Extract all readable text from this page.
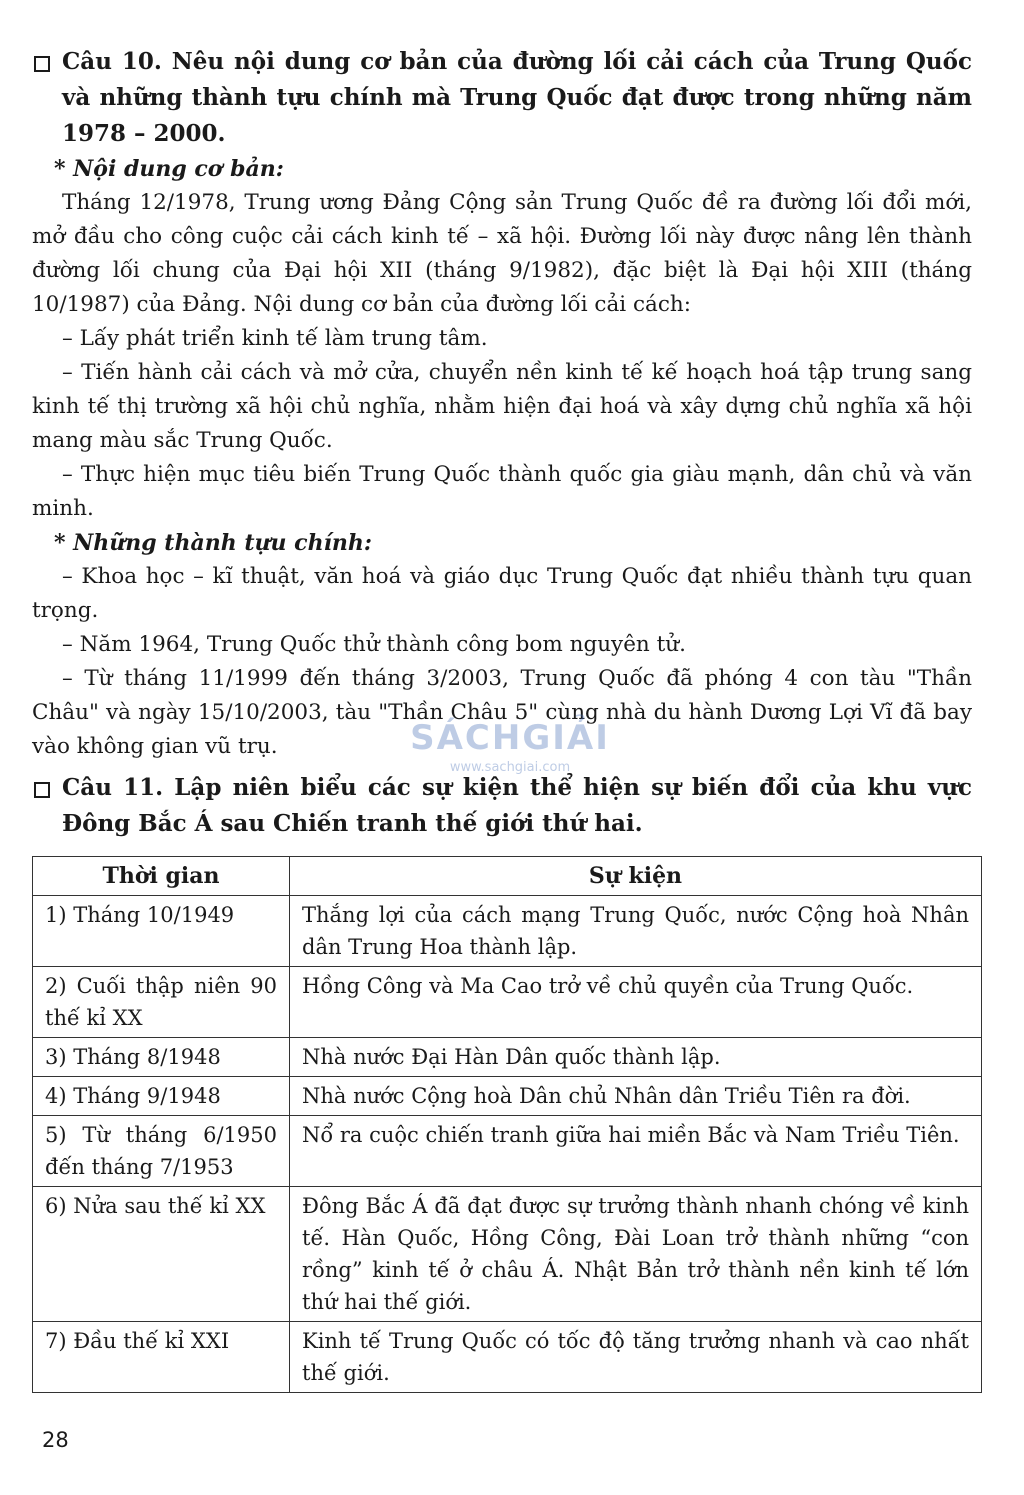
Câu 10. Nêu nội dung cơ bản của đường lối cải cách của Trung Quốc và những thành tựu chính mà Trung Quốc đạt được trong những năm 1978 – 2000.

* Nội dung cơ bản:

Tháng 12/1978, Trung ương Đảng Cộng sản Trung Quốc đề ra đường lối đổi mới, mở đầu cho công cuộc cải cách kinh tế – xã hội. Đường lối này được nâng lên thành đường lối chung của Đại hội XII (tháng 9/1982), đặc biệt là Đại hội XIII (tháng 10/1987) của Đảng. Nội dung cơ bản của đường lối cải cách:

– Lấy phát triển kinh tế làm trung tâm.

– Tiến hành cải cách và mở cửa, chuyển nền kinh tế kế hoạch hoá tập trung sang kinh tế thị trường xã hội chủ nghĩa, nhằm hiện đại hoá và xây dựng chủ nghĩa xã hội mang màu sắc Trung Quốc.

– Thực hiện mục tiêu biến Trung Quốc thành quốc gia giàu mạnh, dân chủ và văn minh.

* Những thành tựu chính:

– Khoa học – kĩ thuật, văn hoá và giáo dục Trung Quốc đạt nhiều thành tựu quan trọng.

– Năm 1964, Trung Quốc thử thành công bom nguyên tử.

– Từ tháng 11/1999 đến tháng 3/2003, Trung Quốc đã phóng 4 con tàu "Thần Châu" và ngày 15/10/2003, tàu "Thần Châu 5" cùng nhà du hành Dương Lợi Vĩ đã bay vào không gian vũ trụ.

Câu 11. Lập niên biểu các sự kiện thể hiện sự biến đổi của khu vực Đông Bắc Á sau Chiến tranh thế giới thứ hai.
Thời gian	Sự kiện
1) Tháng 10/1949	Thắng lợi của cách mạng Trung Quốc, nước Cộng hoà Nhân dân Trung Hoa thành lập.
2) Cuối thập niên 90 thế kỉ XX	Hồng Công và Ma Cao trở về chủ quyền của Trung Quốc.
3) Tháng 8/1948	Nhà nước Đại Hàn Dân quốc thành lập.
4) Tháng 9/1948	Nhà nước Cộng hoà Dân chủ Nhân dân Triều Tiên ra đời.
5) Từ tháng 6/1950 đến tháng 7/1953	Nổ ra cuộc chiến tranh giữa hai miền Bắc và Nam Triều Tiên.
6) Nửa sau thế kỉ XX	Đông Bắc Á đã đạt được sự trưởng thành nhanh chóng về kinh tế. Hàn Quốc, Hồng Công, Đài Loan trở thành những “con rồng” kinh tế ở châu Á. Nhật Bản trở thành nền kinh tế lớn thứ hai thế giới.
7) Đầu thế kỉ XXI	Kinh tế Trung Quốc có tốc độ tăng trưởng nhanh và cao nhất thế giới.
SÁCHGIẢI
www.sachgiai.com
28
